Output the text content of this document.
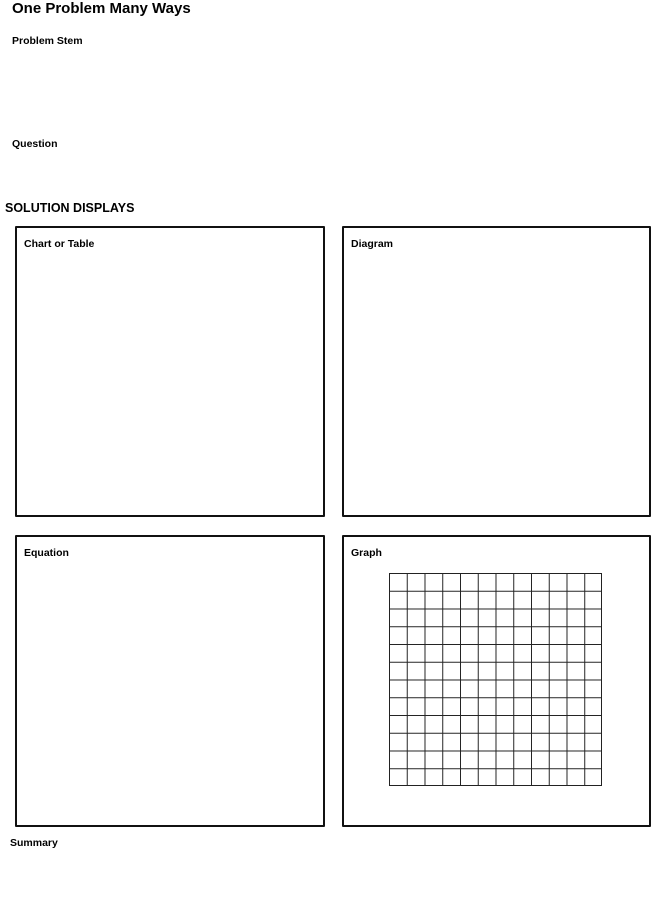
One Problem Many Ways
Problem Stem
Question
SOLUTION DISPLAYS
Chart or Table	Diagram
Equation	Graph
Summary
